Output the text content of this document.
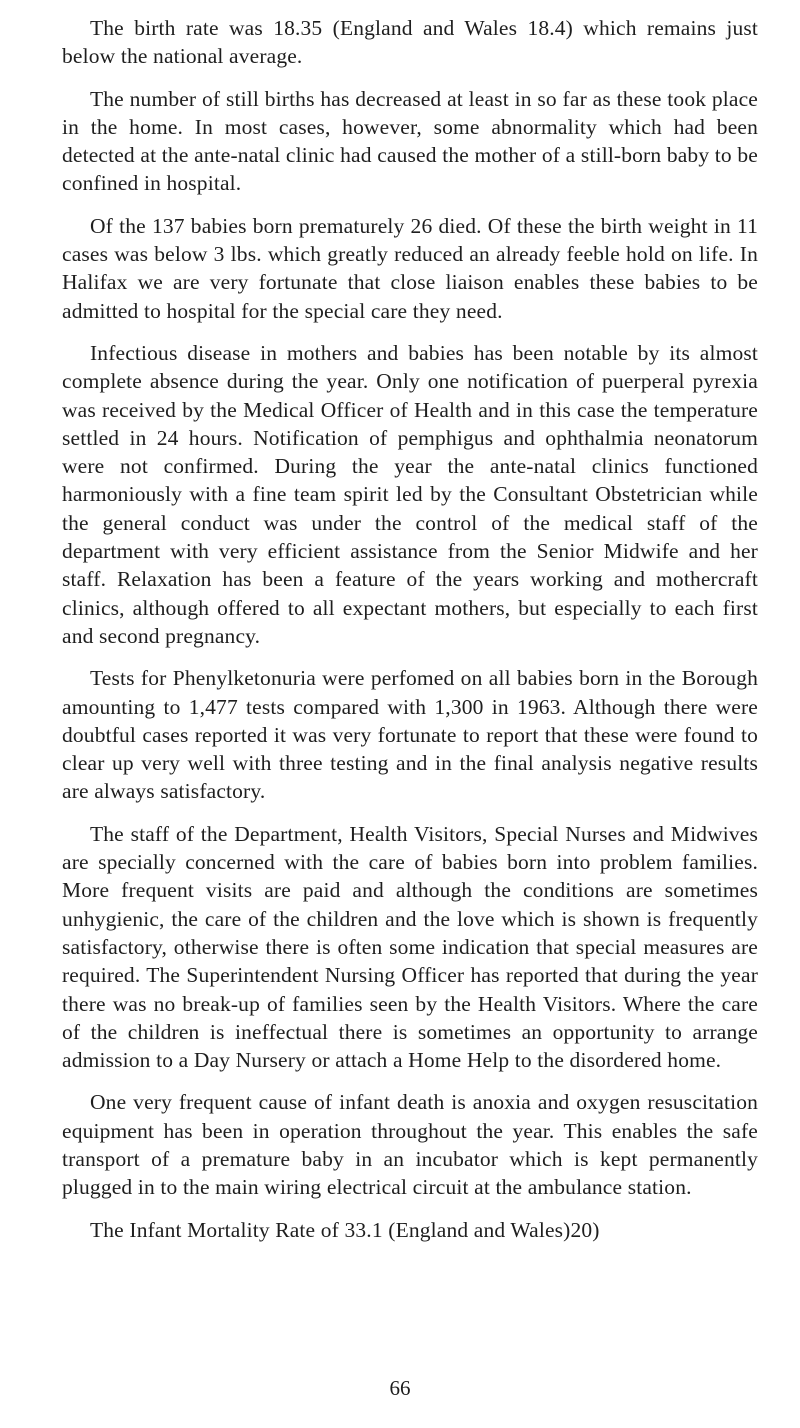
The birth rate was 18.35 (England and Wales 18.4) which remains just below the national average.

The number of still births has decreased at least in so far as these took place in the home. In most cases, however, some abnormality which had been detected at the ante-natal clinic had caused the mother of a still-born baby to be confined in hospital.

Of the 137 babies born prematurely 26 died. Of these the birth weight in 11 cases was below 3 lbs. which greatly reduced an already feeble hold on life. In Halifax we are very fortunate that close liaison enables these babies to be admitted to hospital for the special care they need.

Infectious disease in mothers and babies has been notable by its almost complete absence during the year. Only one notification of puerperal pyrexia was received by the Medical Officer of Health and in this case the temperature settled in 24 hours. Notification of pemphigus and ophthalmia neonatorum were not confirmed. During the year the ante-natal clinics functioned harmoniously with a fine team spirit led by the Consultant Obstetrician while the general conduct was under the control of the medical staff of the department with very efficient assistance from the Senior Midwife and her staff. Relaxation has been a feature of the years working and mothercraft clinics, although offered to all expectant mothers, but especially to each first and second pregnancy.

Tests for Phenylketonuria were perfomed on all babies born in the Borough amounting to 1,477 tests compared with 1,300 in 1963. Although there were doubtful cases reported it was very fortunate to report that these were found to clear up very well with three testing and in the final analysis negative results are always satisfactory.

The staff of the Department, Health Visitors, Special Nurses and Midwives are specially concerned with the care of babies born into problem families. More frequent visits are paid and although the conditions are sometimes unhygienic, the care of the children and the love which is shown is frequently satisfactory, otherwise there is often some indication that special measures are required. The Superintendent Nursing Officer has reported that during the year there was no break-up of families seen by the Health Visitors. Where the care of the children is ineffectual there is sometimes an opportunity to arrange admission to a Day Nursery or attach a Home Help to the disordered home.

One very frequent cause of infant death is anoxia and oxygen resuscitation equipment has been in operation throughout the year. This enables the safe transport of a premature baby in an incubator which is kept permanently plugged in to the main wiring electrical circuit at the ambulance station.

The Infant Mortality Rate of 33.1 (England and Wales)20)

66
